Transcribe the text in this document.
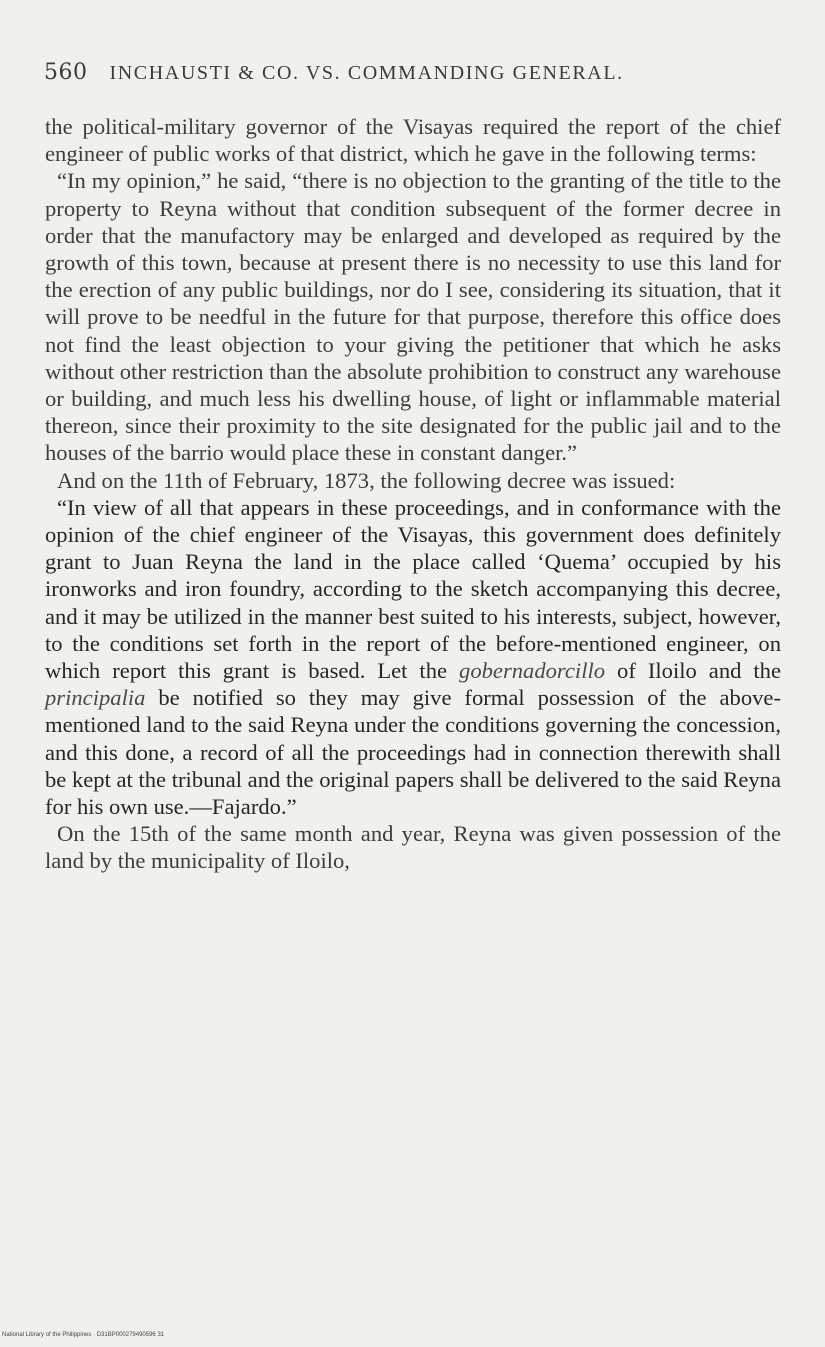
560 INCHAUSTI & CO. VS. COMMANDING GENERAL.

the political-military governor of the Visayas required the report of the chief engineer of public works of that district, which he gave in the following terms:

“In my opinion,” he said, “there is no objection to the granting of the title to the property to Reyna without that condition subsequent of the former decree in order that the manufactory may be enlarged and developed as required by the growth of this town, because at present there is no necessity to use this land for the erection of any public buildings, nor do I see, considering its situation, that it will prove to be needful in the future for that purpose, therefore this office does not find the least objection to your giving the petitioner that which he asks without other restriction than the absolute prohibition to construct any warehouse or building, and much less his dwelling house, of light or inflammable material thereon, since their proximity to the site designated for the public jail and to the houses of the barrio would place these in constant danger.”

And on the 11th of February, 1873, the following decree was issued:

“In view of all that appears in these proceedings, and in conformance with the opinion of the chief engineer of the Visayas, this government does definitely grant to Juan Reyna the land in the place called ‘Quema’ occupied by his ironworks and iron foundry, according to the sketch accompanying this decree, and it may be utilized in the manner best suited to his interests, subject, however, to the conditions set forth in the report of the before-mentioned engineer, on which report this grant is based. Let the gobernadorcillo of Iloilo and the principalia be notified so they may give formal possession of the above-mentioned land to the said Reyna under the conditions governing the concession, and this done, a record of all the proceedings had in connection therewith shall be kept at the tribunal and the original papers shall be delivered to the said Reyna for his own use.—Fajardo.”

On the 15th of the same month and year, Reyna was given possession of the land by the municipality of Iloilo,

National Library of the Philippines · D31BP000279490596 31
